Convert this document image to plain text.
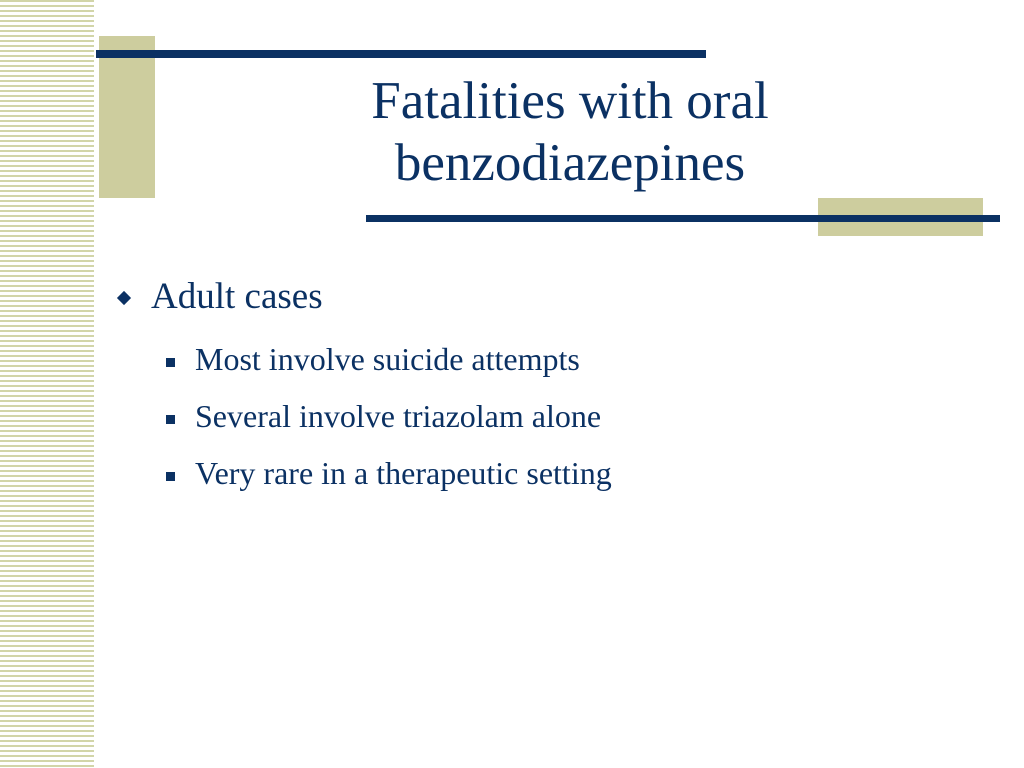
Fatalities with oral
benzodiazepines
Adult cases
Most involve suicide attempts
Several involve triazolam alone
Very rare in a therapeutic setting
